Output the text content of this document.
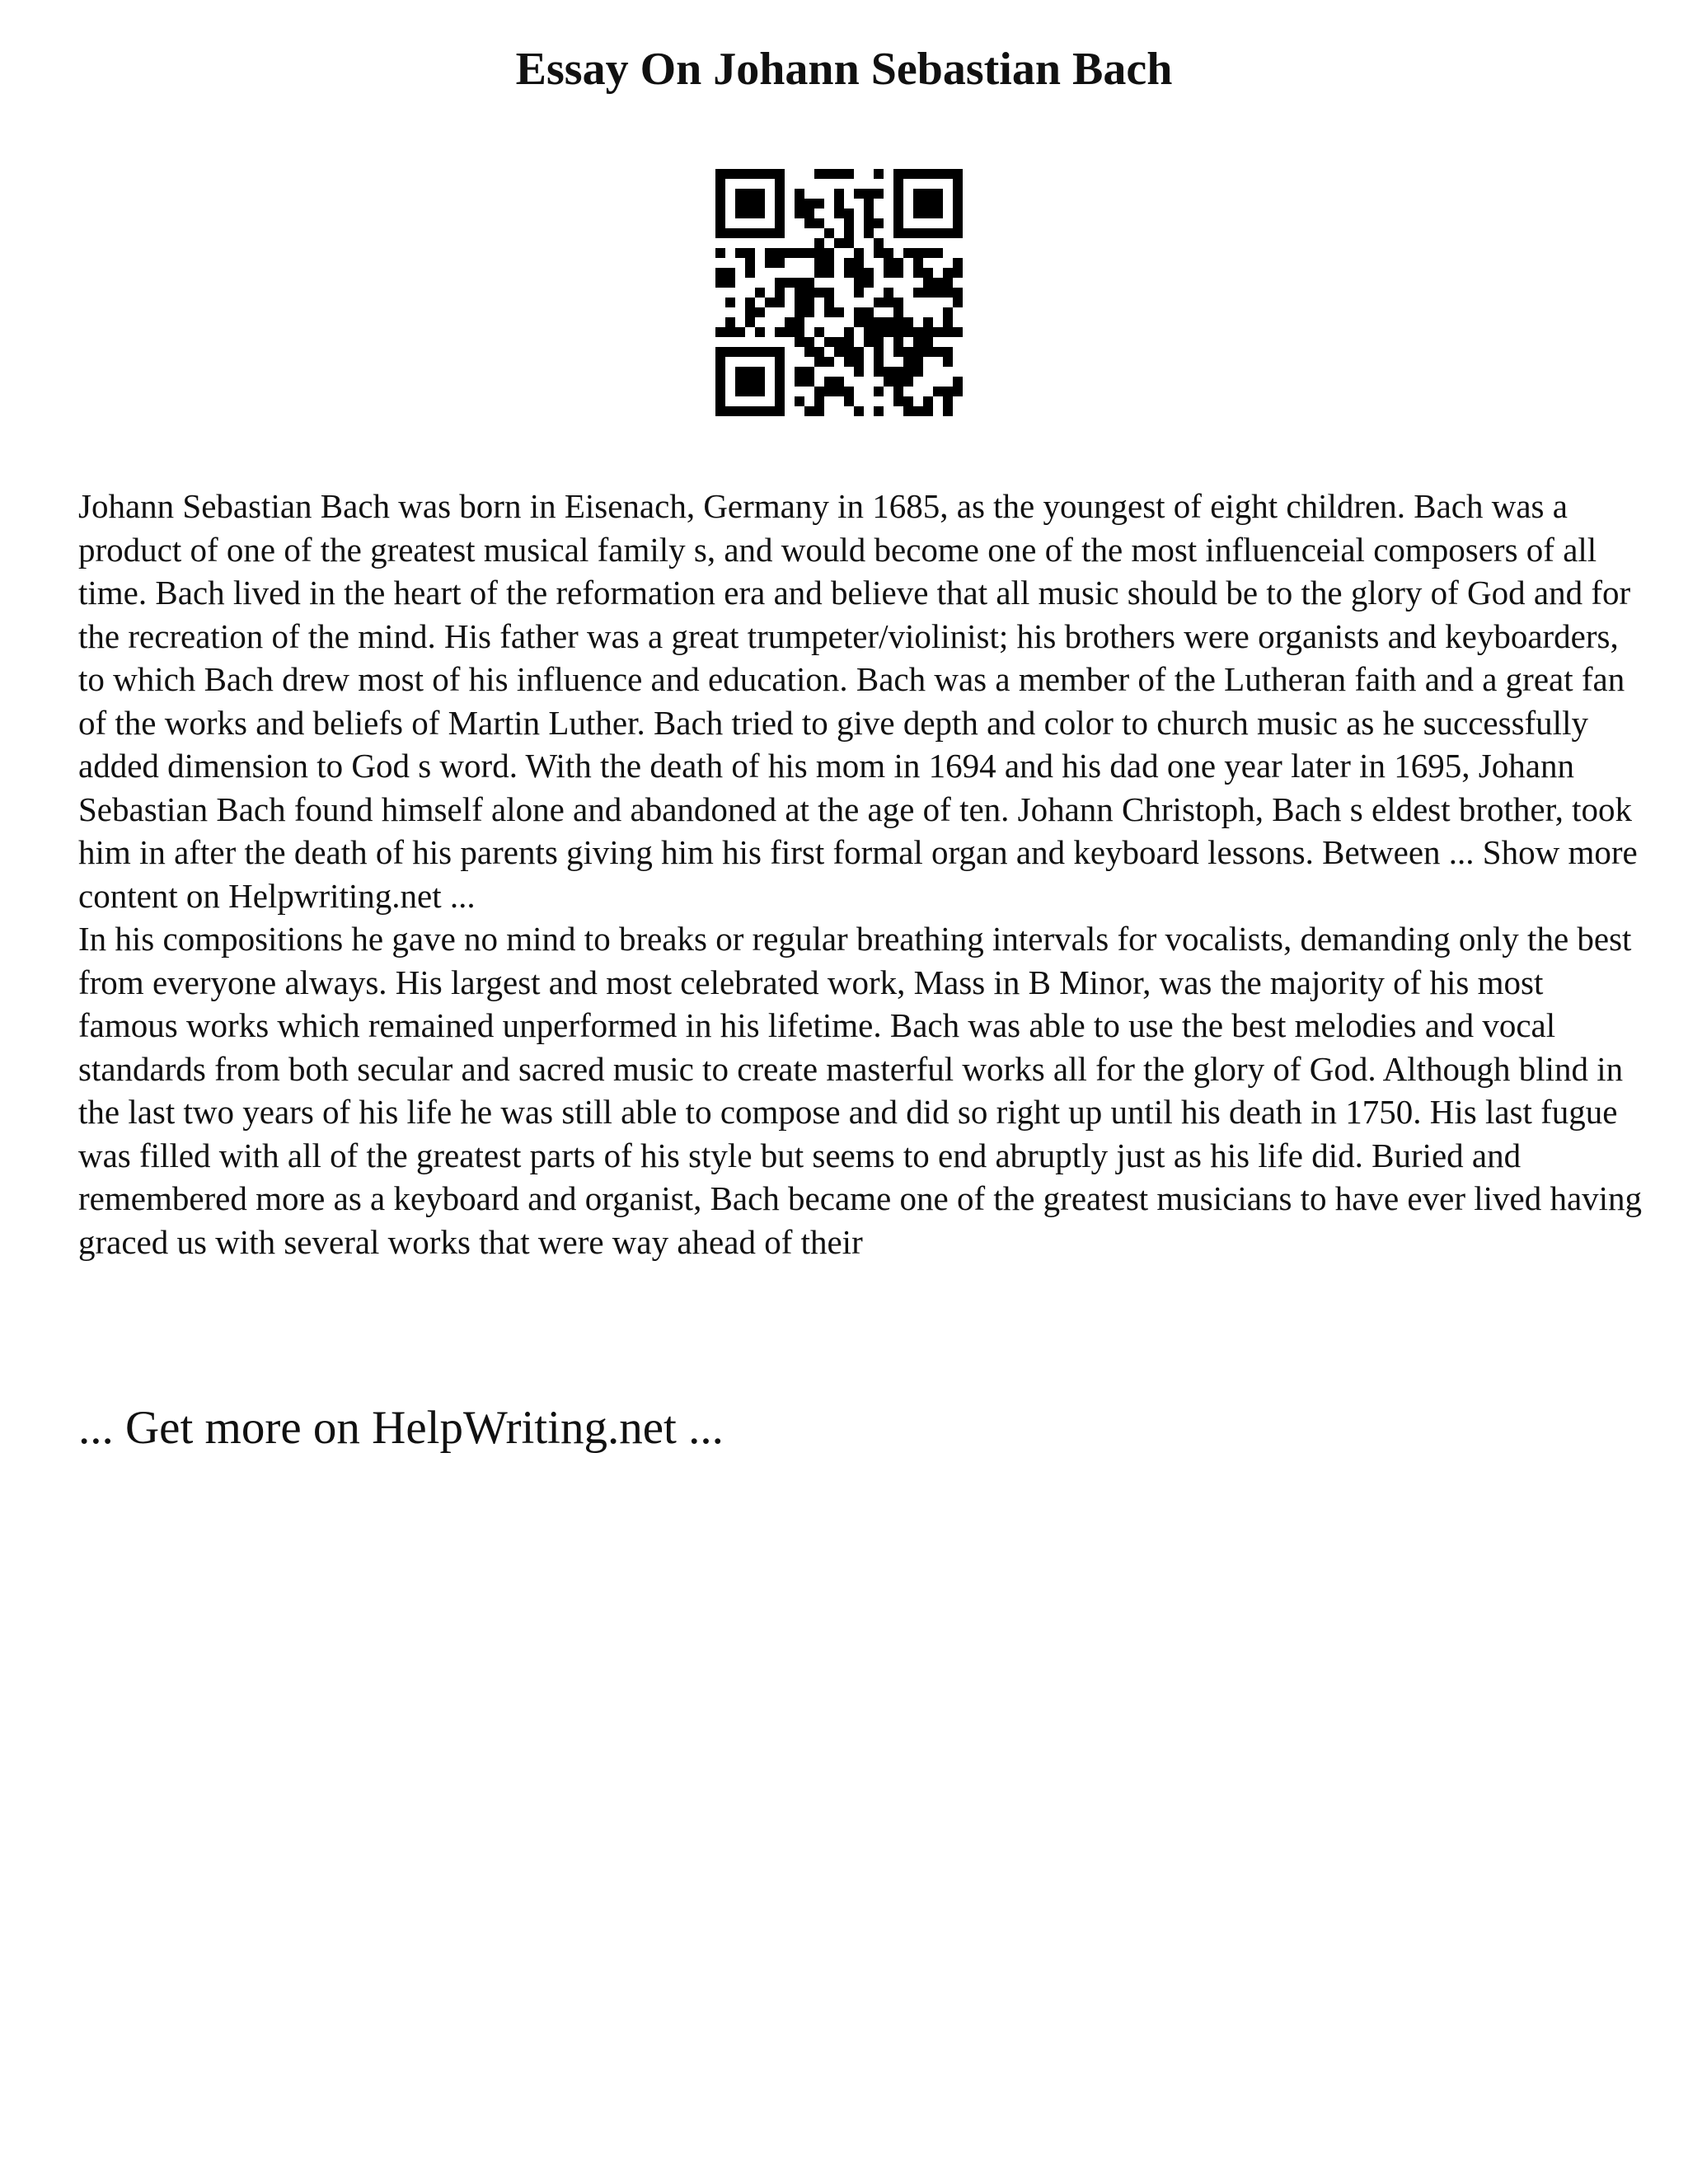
Essay On Johann Sebastian Bach

Johann Sebastian Bach was born in Eisenach, Germany in 1685, as the youngest of eight children. Bach was a product of one of the greatest musical family s, and would become one of the most influenceial composers of all time. Bach lived in the heart of the reformation era and believe that all music should be to the glory of God and for the recreation of the mind. His father was a great trumpeter/violinist; his brothers were organists and keyboarders, to which Bach drew most of his influence and education. Bach was a member of the Lutheran faith and a great fan of the works and beliefs of Martin Luther. Bach tried to give depth and color to church music as he successfully added dimension to God s word. With the death of his mom in 1694 and his dad one year later in 1695, Johann Sebastian Bach found himself alone and abandoned at the age of ten. Johann Christoph, Bach s eldest brother, took him in after the death of his parents giving him his first formal organ and keyboard lessons. Between ... Show more content on Helpwriting.net ...

In his compositions he gave no mind to breaks or regular breathing intervals for vocalists, demanding only the best from everyone always. His largest and most celebrated work, Mass in B Minor, was the majority of his most famous works which remained unperformed in his lifetime. Bach was able to use the best melodies and vocal standards from both secular and sacred music to create masterful works all for the glory of God. Although blind in the last two years of his life he was still able to compose and did so right up until his death in 1750. His last fugue was filled with all of the greatest parts of his style but seems to end abruptly just as his life did. Buried and remembered more as a keyboard and organist, Bach became one of the greatest musicians to have ever lived having graced us with several works that were way ahead of their

... Get more on HelpWriting.net ...
